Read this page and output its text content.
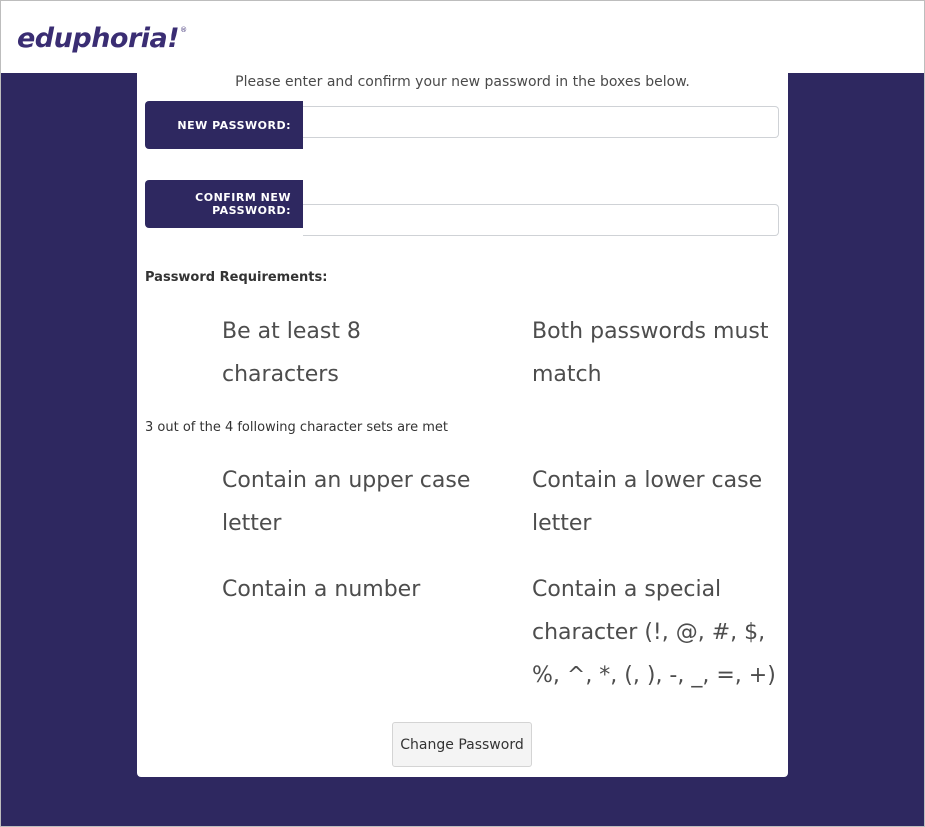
eduphoria!®
Please enter and confirm your new password in the boxes below.
NEW PASSWORD:
CONFIRM NEW
PASSWORD:
Password Requirements:
Be at least 8 characters
Both passwords must match
3 out of the 4 following character sets are met
Contain an upper case letter
Contain a lower case letter
Contain a number	Contain a special character (!, @, #, $, %, ^, *, (, ), -, _, =, +)
Change Password
